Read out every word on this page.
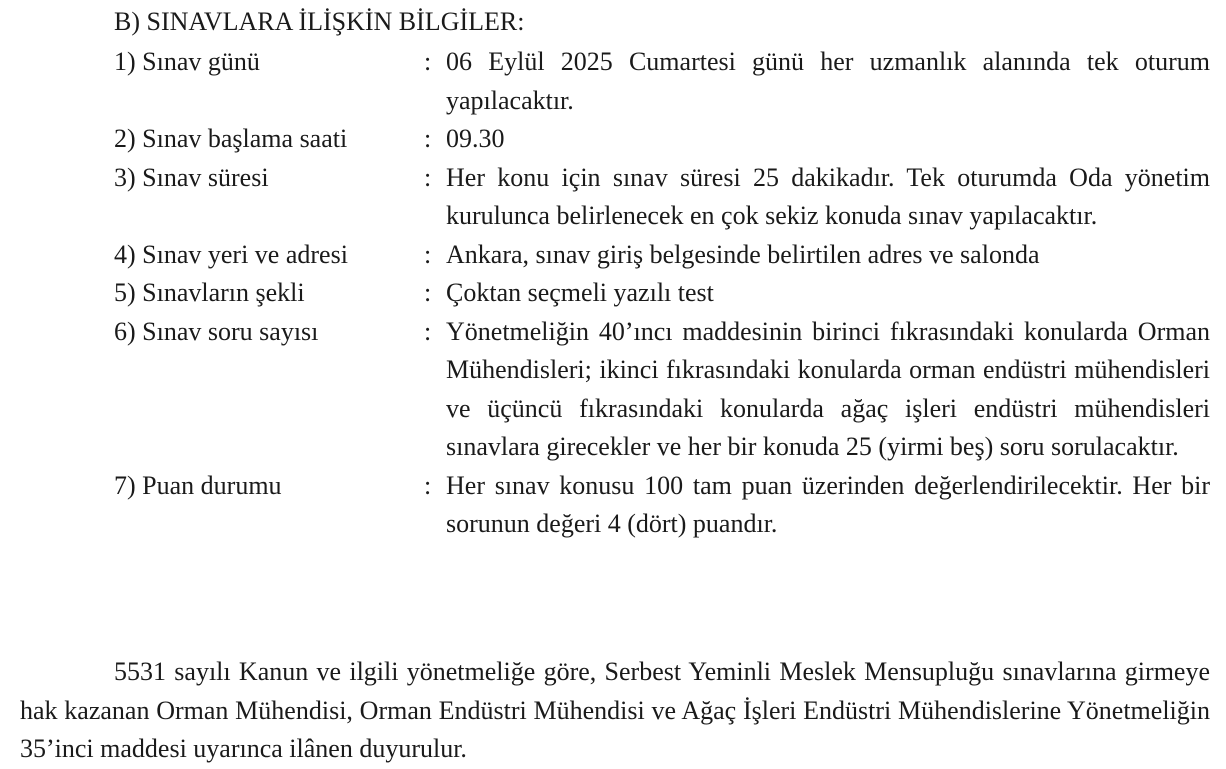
B) SINAVLARA İLİŞKİN BİLGİLER:
1) Sınav günü	: 06 Eylül 2025 Cumartesi günü her uzmanlık alanında tek oturum yapılacaktır.
2) Sınav başlama saati	: 09.30
3) Sınav süresi	: Her konu için sınav süresi 25 dakikadır. Tek oturumda Oda yönetim kurulunca belirlenecek en çok sekiz konuda sınav yapılacaktır.
4) Sınav yeri ve adresi	: Ankara, sınav giriş belgesinde belirtilen adres ve salonda
5) Sınavların şekli	: Çoktan seçmeli yazılı test
6) Sınav soru sayısı	: Yönetmeliğin 40’ıncı maddesinin birinci fıkrasındaki konularda Orman Mühendisleri; ikinci fıkrasındaki konularda orman endüstri mühendisleri ve üçüncü fıkrasındaki konularda ağaç işleri endüstri mühendisleri sınavlara girecekler ve her bir konuda 25 (yirmi beş) soru sorulacaktır.
7) Puan durumu	: Her sınav konusu 100 tam puan üzerinden değerlendirilecektir. Her bir sorunun değeri 4 (dört) puandır.

5531 sayılı Kanun ve ilgili yönetmeliğe göre, Serbest Yeminli Meslek Mensupluğu sınavlarına girmeye hak kazanan Orman Mühendisi, Orman Endüstri Mühendisi ve Ağaç İşleri Endüstri Mühendislerine Yönetmeliğin 35’inci maddesi uyarınca ilânen duyurulur.
